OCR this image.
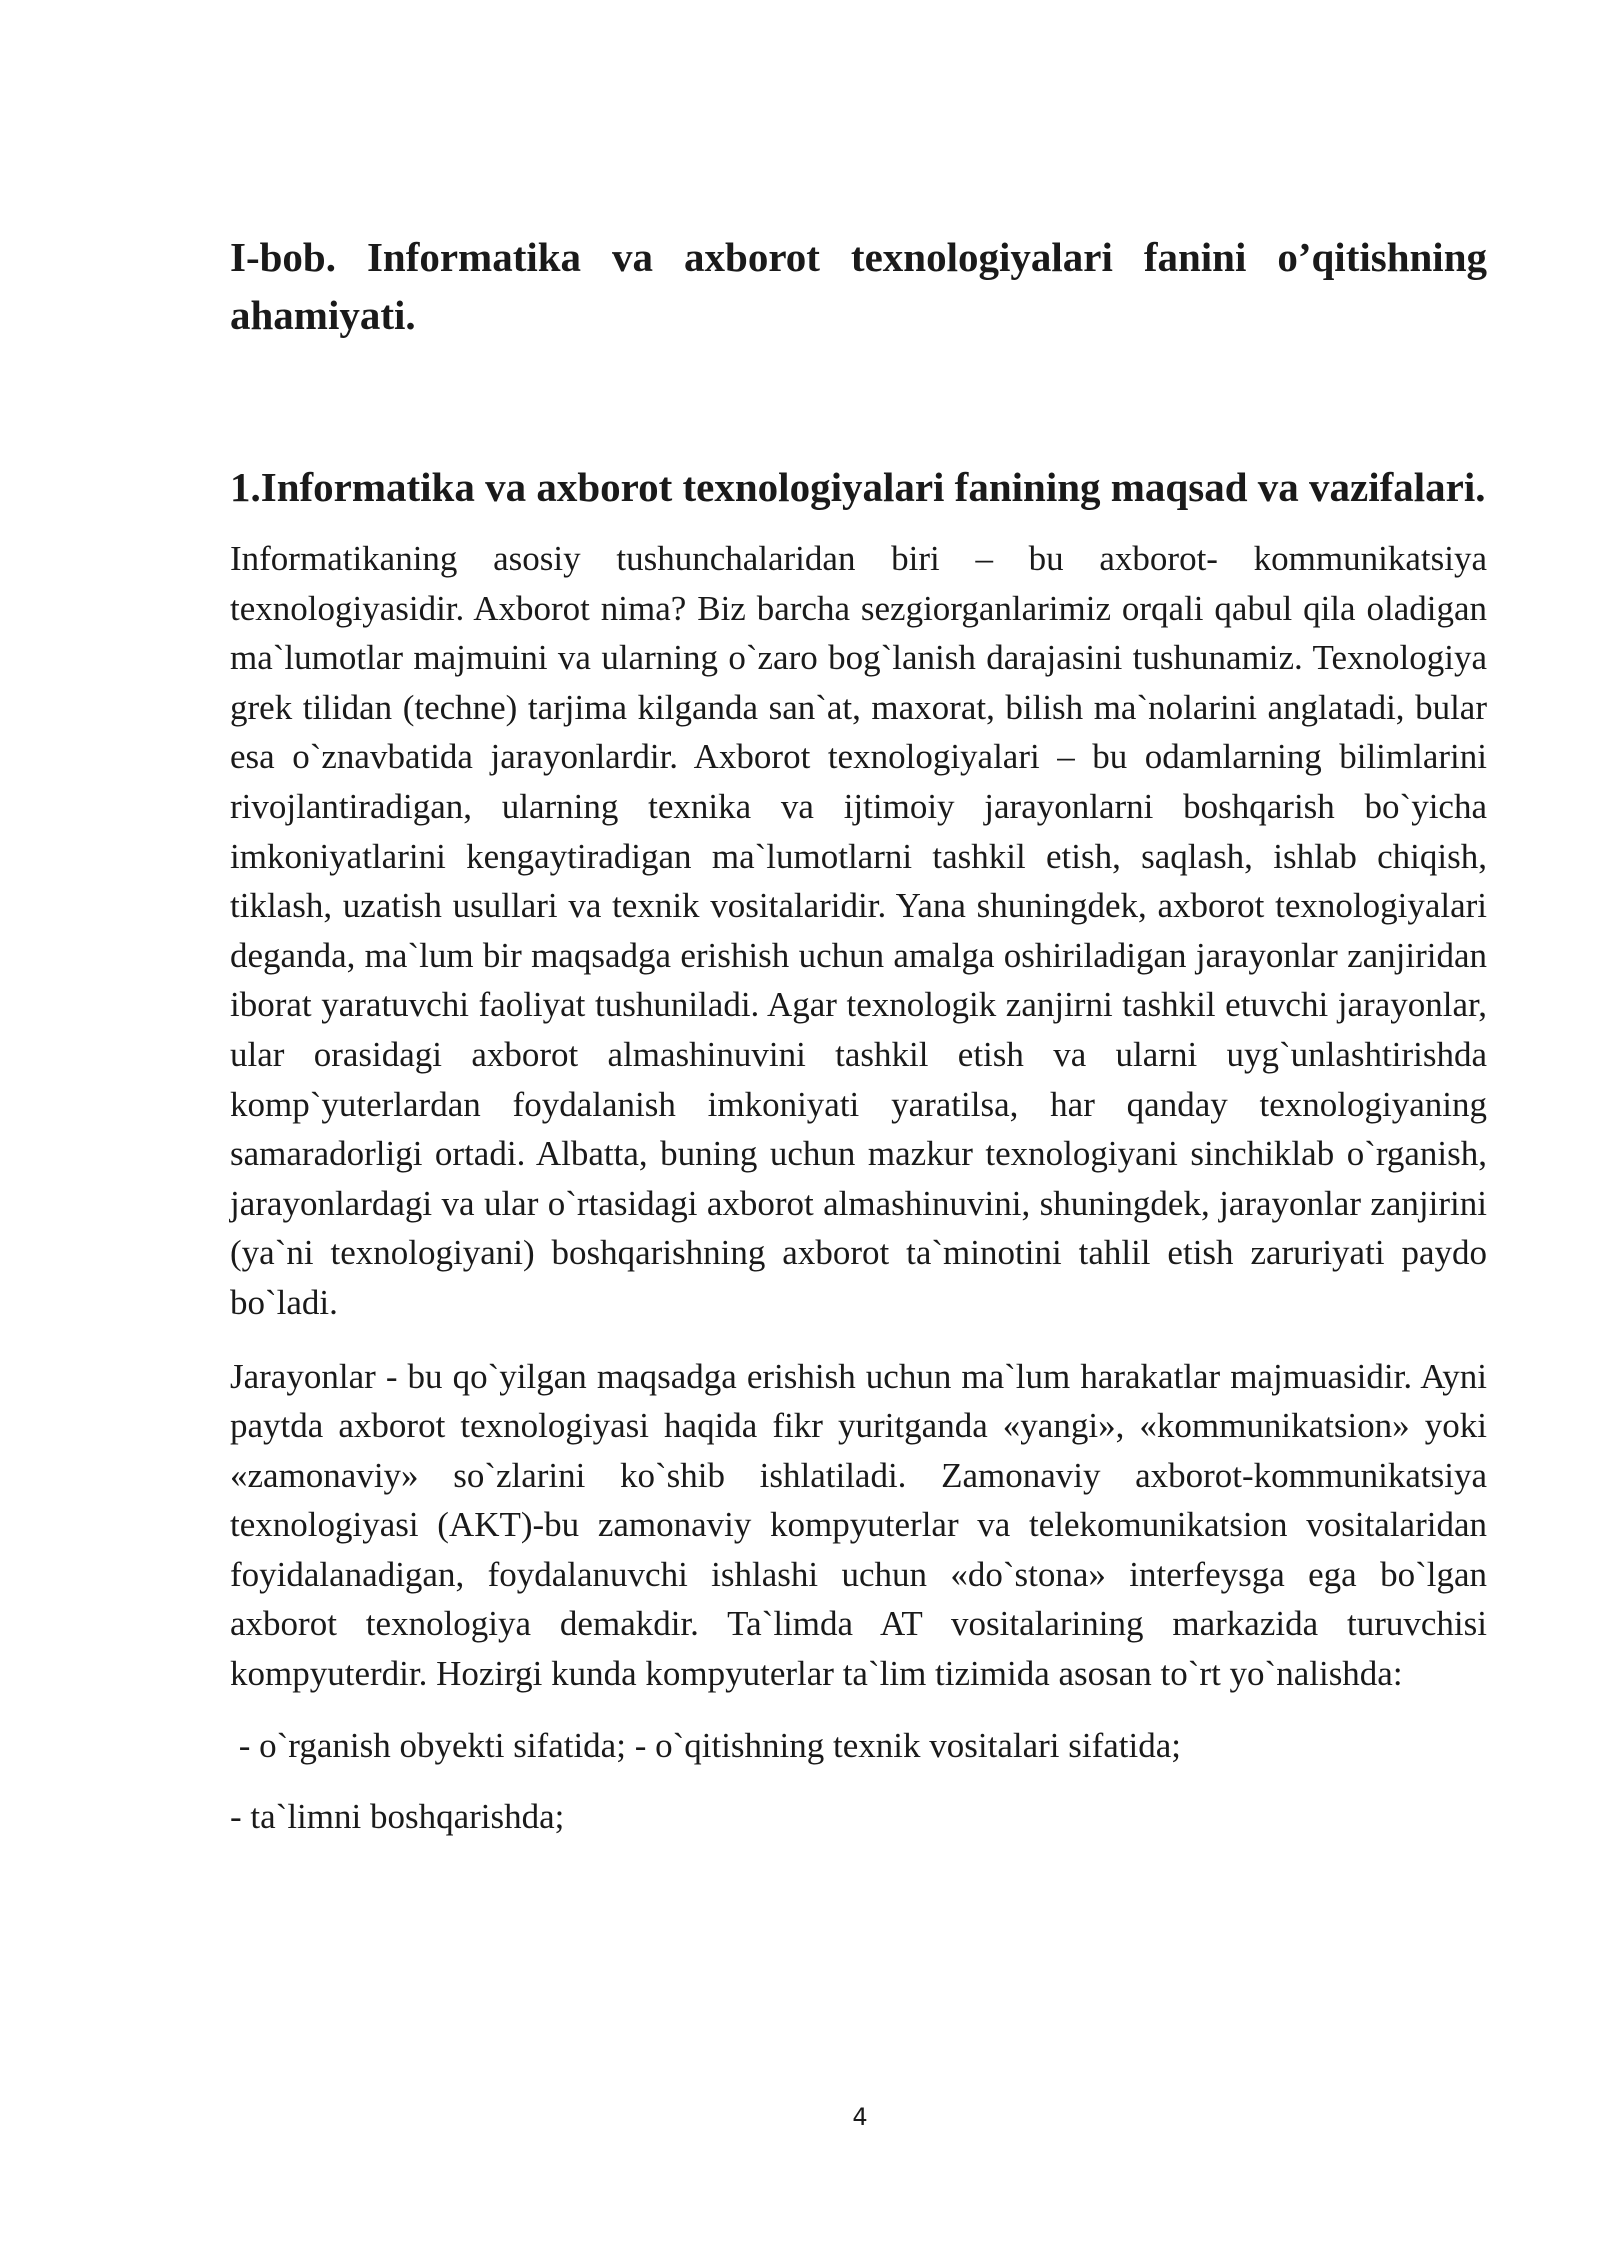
I-bob. Informatika va axborot texnologiyalari fanini o’qitishning ahamiyati.
1.Informatika va axborot texnologiyalari fanining maqsad va vazifalari.

Informatikaning asosiy tushunchalaridan biri – bu axborot- kommunikatsiya texnologiyasidir. Axborot nima? Biz barcha sezgiorganlarimiz orqali qabul qila oladigan ma`lumotlar majmuini va ularning o`zaro bog`lanish darajasini tushunamiz. Texnologiya grek tilidan (techne) tarjima kilganda san`at, maxorat, bilish ma`nolarini anglatadi, bular esa o`znavbatida jarayonlardir. Axborot texnologiyalari – bu odamlarning bilimlarini rivojlantiradigan, ularning texnika va ijtimoiy jarayonlarni boshqarish bo`yicha imkoniyatlarini kengaytiradigan ma`lumotlarni tashkil etish, saqlash, ishlab chiqish, tiklash, uzatish usullari va texnik vositalaridir. Yana shuningdek, axborot texnologiyalari deganda, ma`lum bir maqsadga erishish uchun amalga oshiriladigan jarayonlar zanjiridan iborat yaratuvchi faoliyat tushuniladi. Agar texnologik zanjirni tashkil etuvchi jarayonlar, ular orasidagi axborot almashinuvini tashkil etish va ularni uyg`unlashtirishda komp`yuterlardan foydalanish imkoniyati yaratilsa, har qanday texnologiyaning samaradorligi ortadi. Albatta, buning uchun mazkur texnologiyani sinchiklab o`rganish, jarayonlardagi va ular o`rtasidagi axborot almashinuvini, shuningdek, jarayonlar zanjirini (ya`ni texnologiyani) boshqarishning axborot ta`minotini tahlil etish zaruriyati paydo bo`ladi.

Jarayonlar - bu qo`yilgan maqsadga erishish uchun ma`lum harakatlar majmuasidir. Ayni paytda axborot texnologiyasi haqida fikr yuritganda «yangi», «kommunikatsion» yoki «zamonaviy» so`zlarini ko`shib ishlatiladi. Zamonaviy axborot-kommunikatsiya texnologiyasi (AKT)-bu zamonaviy kompyuterlar va telekomunikatsion vositalaridan foyidalanadigan, foydalanuvchi ishlashi uchun «do`stona» interfeysga ega bo`lgan axborot texnologiya demakdir. Ta`limda AT vositalarining markazida turuvchisi kompyuterdir. Hozirgi kunda kompyuterlar ta`lim tizimida asosan to`rt yo`nalishda:

- o`rganish obyekti sifatida; - o`qitishning texnik vositalari sifatida;

- ta`limni boshqarishda;

4
